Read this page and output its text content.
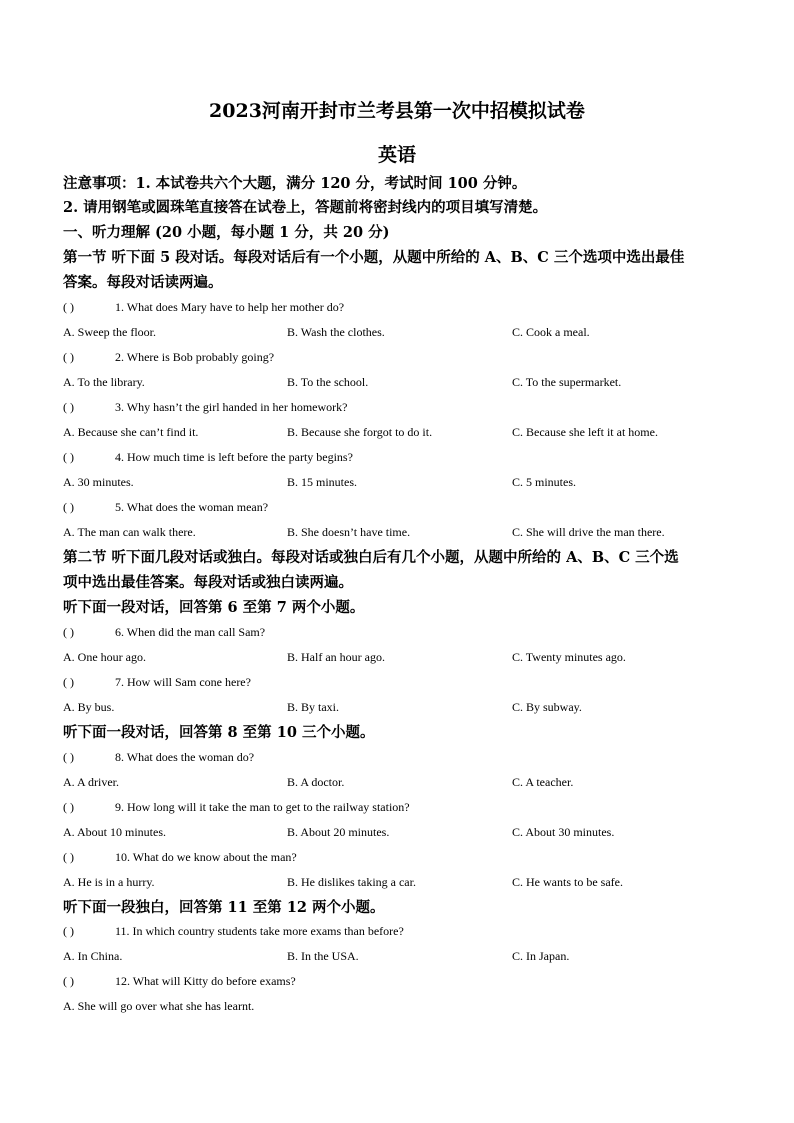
2023河南开封市兰考县第一次中招模拟试卷
英语
注意事项：1. 本试卷共六个大题，满分 120 分，考试时间 100 分钟。
2. 请用钢笔或圆珠笔直接答在试卷上，答题前将密封线内的项目填写清楚。
一、听力理解 (20 小题，每小题 1 分，共 20 分)
第一节 听下面 5 段对话。每段对话后有一个小题，从题中所给的 A、B、C 三个选项中选出最佳
答案。每段对话读两遍。
( )	1. What does Mary have to help her mother do?
A. Sweep the floor.	B. Wash the clothes.	C. Cook a meal.
( )	2. Where is Bob probably going?
A. To the library.	B. To the school.	C. To the supermarket.
( )	3. Why hasn’t the girl handed in her homework?
A. Because she can’t find it.	B. Because she forgot to do it.	C. Because she left it at home.
( )	4. How much time is left before the party begins?
A. 30 minutes.	B. 15 minutes.	C. 5 minutes.
( )	5. What does the woman mean?
A. The man can walk there.	B. She doesn’t have time.	C. She will drive the man there.
第二节 听下面几段对话或独白。每段对话或独白后有几个小题，从题中所给的 A、B、C 三个选
项中选出最佳答案。每段对话或独白读两遍。
听下面一段对话，回答第 6 至第 7 两个小题。
( )	6. When did the man call Sam?
A. One hour ago.	B. Half an hour ago.	C. Twenty minutes ago.
( )	7. How will Sam cone here?
A. By bus.	B. By taxi.	C. By subway.
听下面一段对话，回答第 8 至第 10 三个小题。
( )	8. What does the woman do?
A. A driver.	B. A doctor.	C. A teacher.
( )	9. How long will it take the man to get to the railway station?
A. About 10 minutes.	B. About 20 minutes.	C. About 30 minutes.
( )	10. What do we know about the man?
A. He is in a hurry.	B. He dislikes taking a car.	C. He wants to be safe.
听下面一段独白，回答第 11 至第 12 两个小题。
( )	11. In which country students take more exams than before?
A. In China.	B. In the USA.	C. In Japan.
( )	12. What will Kitty do before exams?
A. She will go over what she has learnt.
